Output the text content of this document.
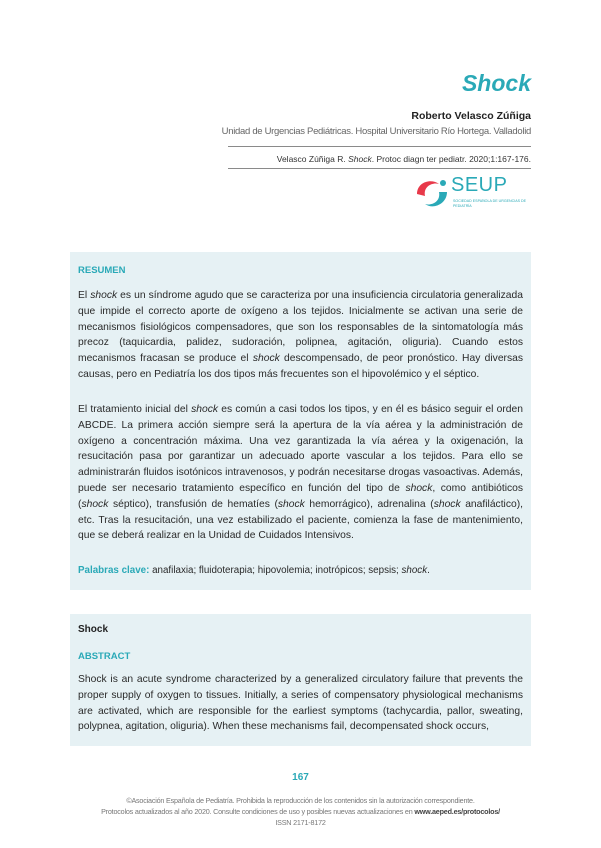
Shock
Roberto Velasco Zúñiga
Unidad de Urgencias Pediátricas. Hospital Universitario Río Hortega. Valladolid
Velasco Zúñiga R. Shock. Protoc diagn ter pediatr. 2020;1:167-176.
SEUP
SOCIEDAD ESPAÑOLA DE URGENCIAS DE PEDIATRÍA
RESUMEN

El shock es un síndrome agudo que se caracteriza por una insuficiencia circulatoria generalizada que impide el correcto aporte de oxígeno a los tejidos. Inicialmente se activan una serie de mecanismos fisiológicos compensadores, que son los responsables de la sintomatología más precoz (taquicardia, palidez, sudoración, polipnea, agitación, oliguria). Cuando estos mecanismos fracasan se produce el shock descompensado, de peor pronóstico. Hay diversas causas, pero en Pediatría los dos tipos más frecuentes son el hipovolémico y el séptico.

El tratamiento inicial del shock es común a casi todos los tipos, y en él es básico seguir el orden ABCDE. La primera acción siempre será la apertura de la vía aérea y la administración de oxígeno a concentración máxima. Una vez garantizada la vía aérea y la oxigenación, la resucitación pasa por garantizar un adecuado aporte vascular a los tejidos. Para ello se administrarán fluidos isotónicos intravenosos, y podrán necesitarse drogas vasoactivas. Además, puede ser necesario tratamiento específico en función del tipo de shock, como antibióticos (shock séptico), transfusión de hematíes (shock hemorrágico), adrenalina (shock anafiláctico), etc. Tras la resucitación, una vez estabilizado el paciente, comienza la fase de mantenimiento, que se deberá realizar en la Unidad de Cuidados Intensivos.

Palabras clave: anafilaxia; fluidoterapia; hipovolemia; inotrópicos; sepsis; shock.
Shock
ABSTRACT

Shock is an acute syndrome characterized by a generalized circulatory failure that prevents the proper supply of oxygen to tissues. Initially, a series of compensatory physiological mechanisms are activated, which are responsible for the earliest symptoms (tachycardia, pallor, sweating, polypnea, agitation, oliguria). When these mechanisms fail, decompensated shock occurs,

167
©Asociación Española de Pediatría. Prohibida la reproducción de los contenidos sin la autorización correspondiente.
Protocolos actualizados al año 2020. Consulte condiciones de uso y posibles nuevas actualizaciones en www.aeped.es/protocolos/
ISSN 2171-8172
